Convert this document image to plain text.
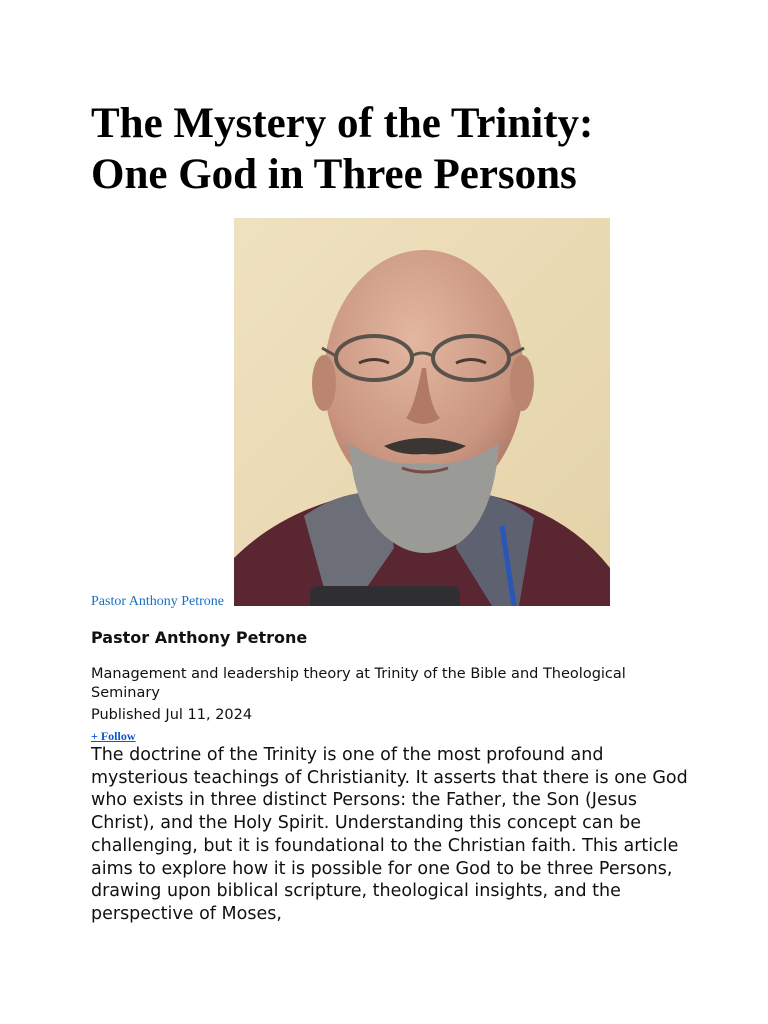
The Mystery of the Trinity:
One God in Three Persons
Pastor Anthony Petrone
Pastor Anthony Petrone
Management and leadership theory at Trinity of the Bible and Theological Seminary
Published Jul 11, 2024
+ Follow

The doctrine of the Trinity is one of the most profound and mysterious teachings of Christianity. It asserts that there is one God who exists in three distinct Persons: the Father, the Son (Jesus Christ), and the Holy Spirit. Understanding this concept can be challenging, but it is foundational to the Christian faith. This article aims to explore how it is possible for one God to be three Persons, drawing upon biblical scripture, theological insights, and the perspective of Moses,
